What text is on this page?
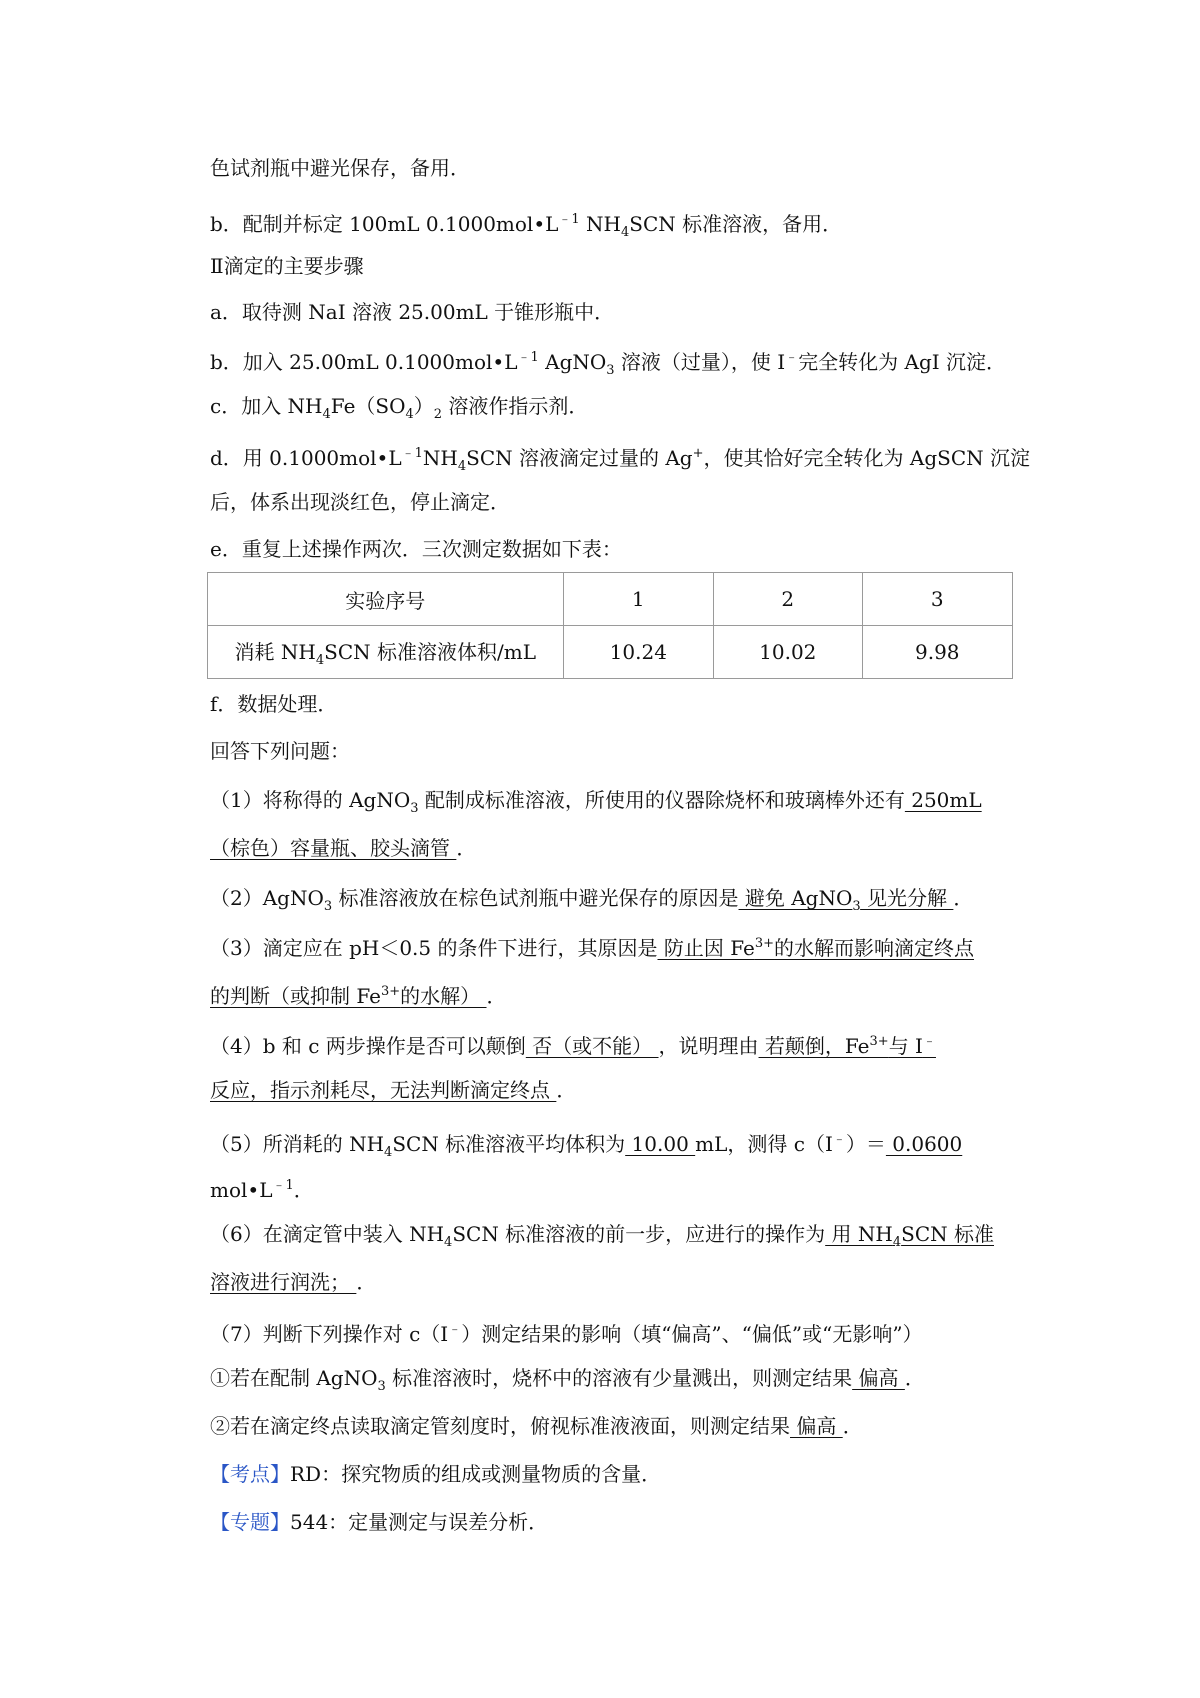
色试剂瓶中避光保存，备用．
b．配制并标定 100mL $0.1000mol•L^{﹣1}$ $NH_4SCN$ 标准溶液，备用．
Ⅱ滴定的主要步骤
a．取待测 NaI 溶液 25.00mL 于锥形瓶中．
b．加入 25.00mL $0.1000mol•L^{﹣1}$ AgNO$_3$ 溶液（过量），使 I﹣完全转化为 AgI 沉淀．
c．加入 $NH_4Fe(SO_4)_2$ 溶液作指示剂．
d．用 $0.1000mol•L^{﹣1}NH_4SCN$ 溶液滴定过量的 Ag+，使其恰好完全转化为 AgSCN 沉淀
后，体系出现淡红色，停止滴定．
e．重复上述操作两次．三次测定数据如下表：
实验序号	1	2	3
消耗 $NH_4SCN$ 标准溶液体积/mL	10.24	10.02	9.98
f．数据处理．
回答下列问题：
（1）将称得的 AgNO$_3$ 配制成标准溶液，所使用的仪器除烧杯和玻璃棒外还有 250mL
（棕色）容量瓶、胶头滴管 ．
（2）AgNO$_3$ 标准溶液放在棕色试剂瓶中避光保存的原因是 避免 AgNO$_3$ 见光分解 ．
（3）滴定应在 pH＜0.5 的条件下进行，其原因是 防止因 $Fe^{3+}$的水解而影响滴定终点
的判断（或抑制 $Fe^{3+}$的水解） ．
（4）b 和 c 两步操作是否可以颠倒 否（或不能） ，说明理由 若颠倒，$Fe^{3+}$与 I﹣
反应，指示剂耗尽，无法判断滴定终点 ．
（5）所消耗的 $NH_4SCN$ 标准溶液平均体积为 10.00 mL，测得 c（I﹣）＝ 0.0600
$mol•L^{﹣1}$．
（6）在滴定管中装入 $NH_4SCN$ 标准溶液的前一步，应进行的操作为 用 $NH_4SCN$ 标准
溶液进行润洗； ．
（7）判断下列操作对 c（I﹣）测定结果的影响（填“偏高”、“偏低”或“无影响”）
①若在配制 AgNO$_3$ 标准溶液时，烧杯中的溶液有少量溅出，则测定结果 偏高 ．
②若在滴定终点读取滴定管刻度时，俯视标准液液面，则测定结果 偏高 ．
【考点】RD：探究物质的组成或测量物质的含量．
【专题】544：定量测定与误差分析．
